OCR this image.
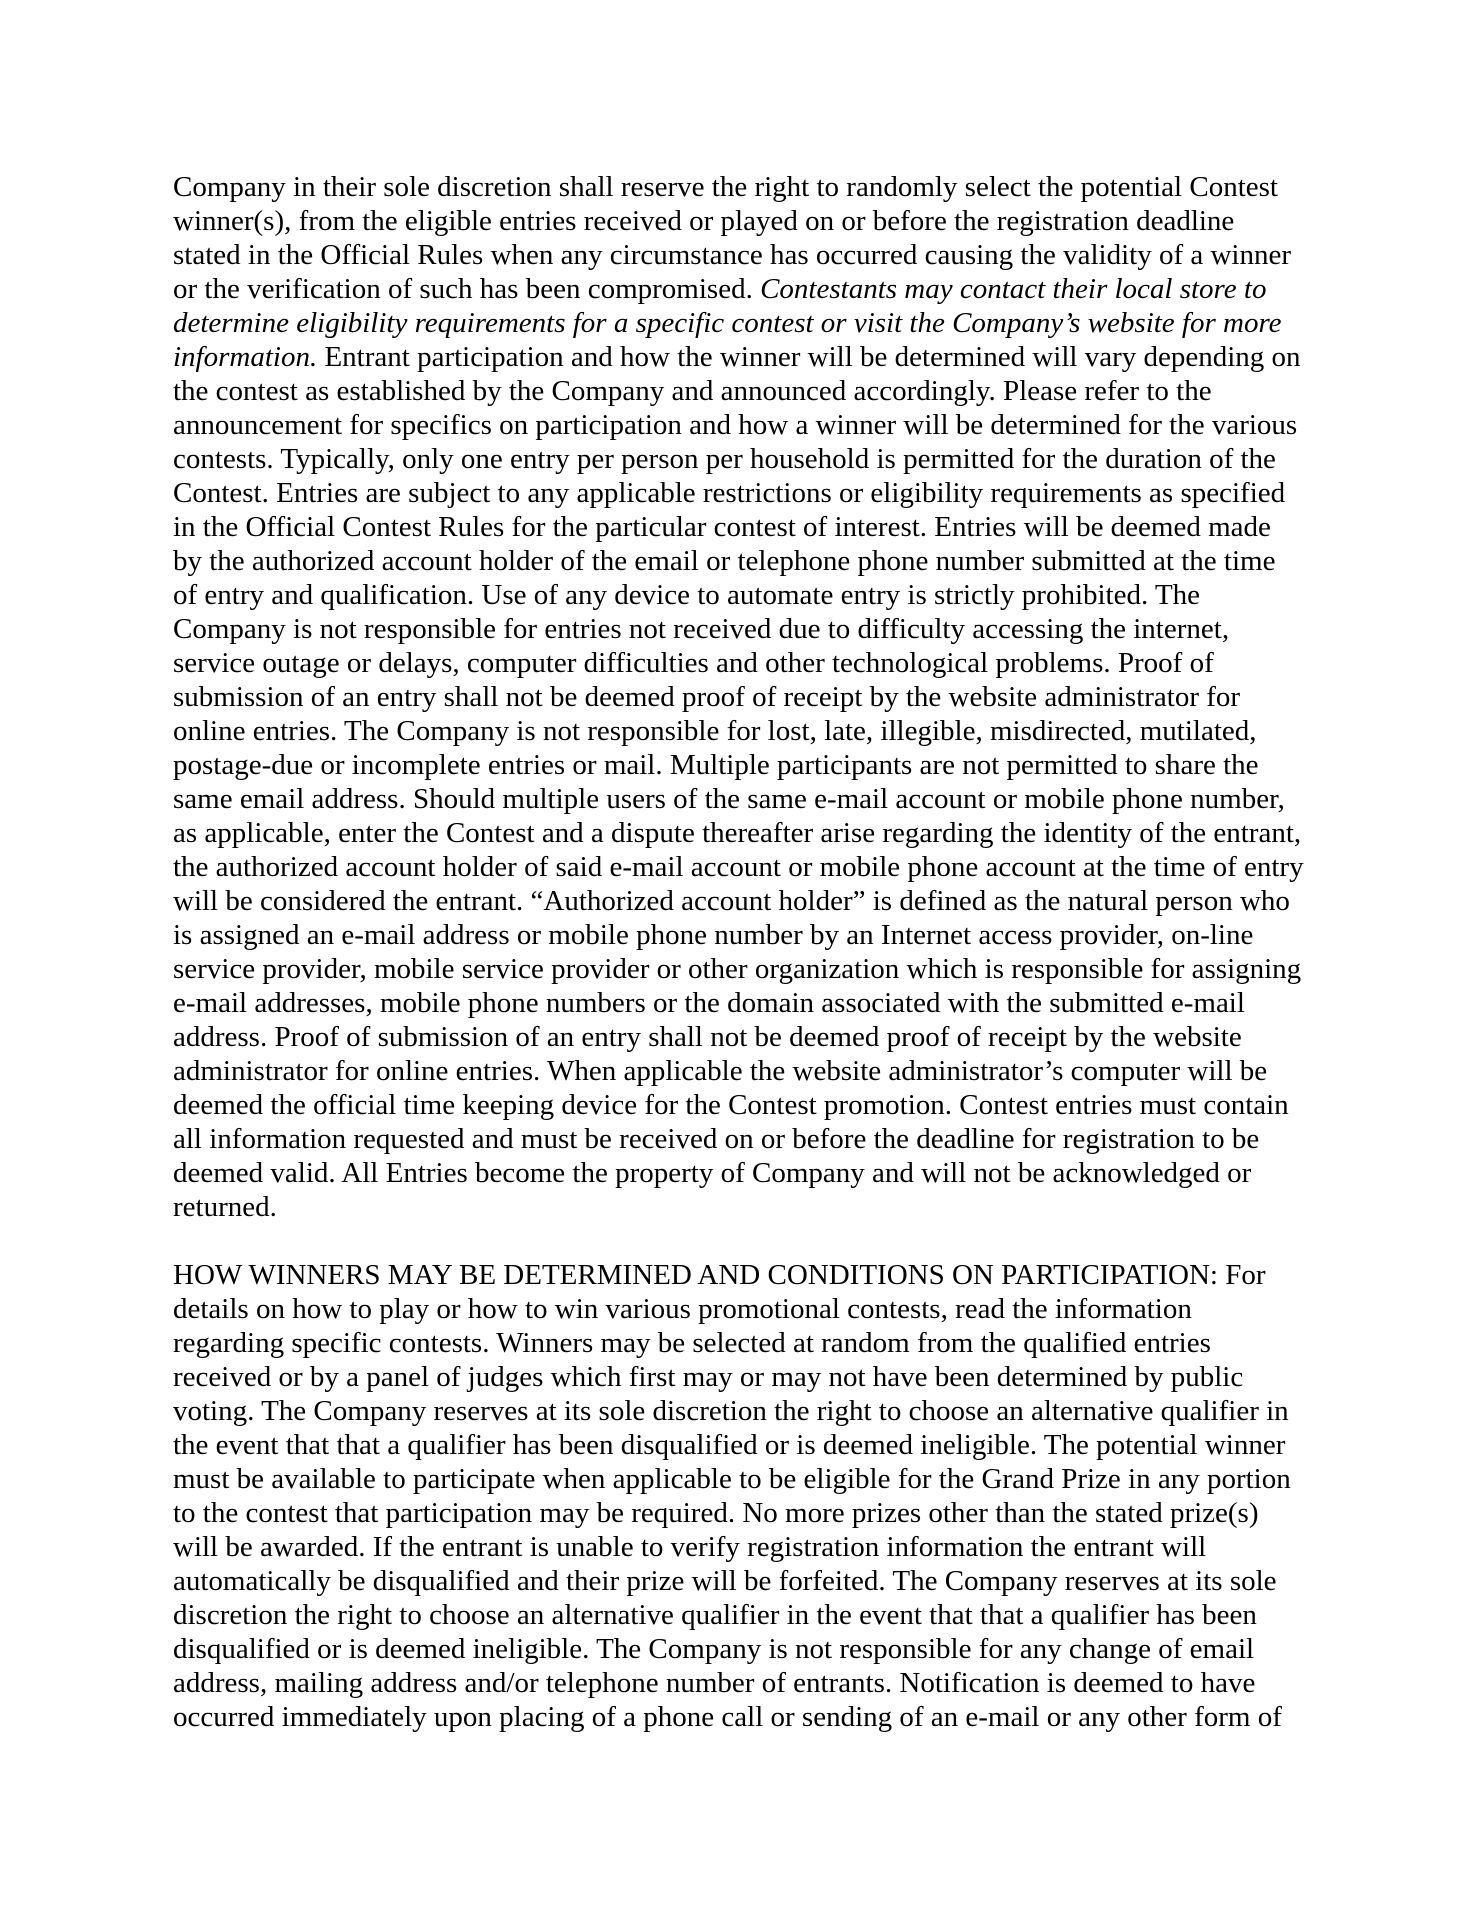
Company in their sole discretion shall reserve the right to randomly select the potential Contest
winner(s), from the eligible entries received or played on or before the registration deadline
stated in the Official Rules when any circumstance has occurred causing the validity of a winner
or the verification of such has been compromised. Contestants may contact their local store to
determine eligibility requirements for a specific contest or visit the Company’s website for more
information. Entrant participation and how the winner will be determined will vary depending on
the contest as established by the Company and announced accordingly. Please refer to the
announcement for specifics on participation and how a winner will be determined for the various
contests. Typically, only one entry per person per household is permitted for the duration of the
Contest. Entries are subject to any applicable restrictions or eligibility requirements as specified
in the Official Contest Rules for the particular contest of interest. Entries will be deemed made
by the authorized account holder of the email or telephone phone number submitted at the time
of entry and qualification. Use of any device to automate entry is strictly prohibited. The
Company is not responsible for entries not received due to difficulty accessing the internet,
service outage or delays, computer difficulties and other technological problems. Proof of
submission of an entry shall not be deemed proof of receipt by the website administrator for
online entries. The Company is not responsible for lost, late, illegible, misdirected, mutilated,
postage-due or incomplete entries or mail. Multiple participants are not permitted to share the
same email address. Should multiple users of the same e-mail account or mobile phone number,
as applicable, enter the Contest and a dispute thereafter arise regarding the identity of the entrant,
the authorized account holder of said e-mail account or mobile phone account at the time of entry
will be considered the entrant. “Authorized account holder” is defined as the natural person who
is assigned an e-mail address or mobile phone number by an Internet access provider, on-line
service provider, mobile service provider or other organization which is responsible for assigning
e-mail addresses, mobile phone numbers or the domain associated with the submitted e-mail
address. Proof of submission of an entry shall not be deemed proof of receipt by the website
administrator for online entries. When applicable the website administrator’s computer will be
deemed the official time keeping device for the Contest promotion. Contest entries must contain
all information requested and must be received on or before the deadline for registration to be
deemed valid. All Entries become the property of Company and will not be acknowledged or
returned.
HOW WINNERS MAY BE DETERMINED AND CONDITIONS ON PARTICIPATION: For
details on how to play or how to win various promotional contests, read the information
regarding specific contests. Winners may be selected at random from the qualified entries
received or by a panel of judges which first may or may not have been determined by public
voting. The Company reserves at its sole discretion the right to choose an alternative qualifier in
the event that that a qualifier has been disqualified or is deemed ineligible. The potential winner
must be available to participate when applicable to be eligible for the Grand Prize in any portion
to the contest that participation may be required. No more prizes other than the stated prize(s)
will be awarded. If the entrant is unable to verify registration information the entrant will
automatically be disqualified and their prize will be forfeited. The Company reserves at its sole
discretion the right to choose an alternative qualifier in the event that that a qualifier has been
disqualified or is deemed ineligible. The Company is not responsible for any change of email
address, mailing address and/or telephone number of entrants. Notification is deemed to have
occurred immediately upon placing of a phone call or sending of an e-mail or any other form of
